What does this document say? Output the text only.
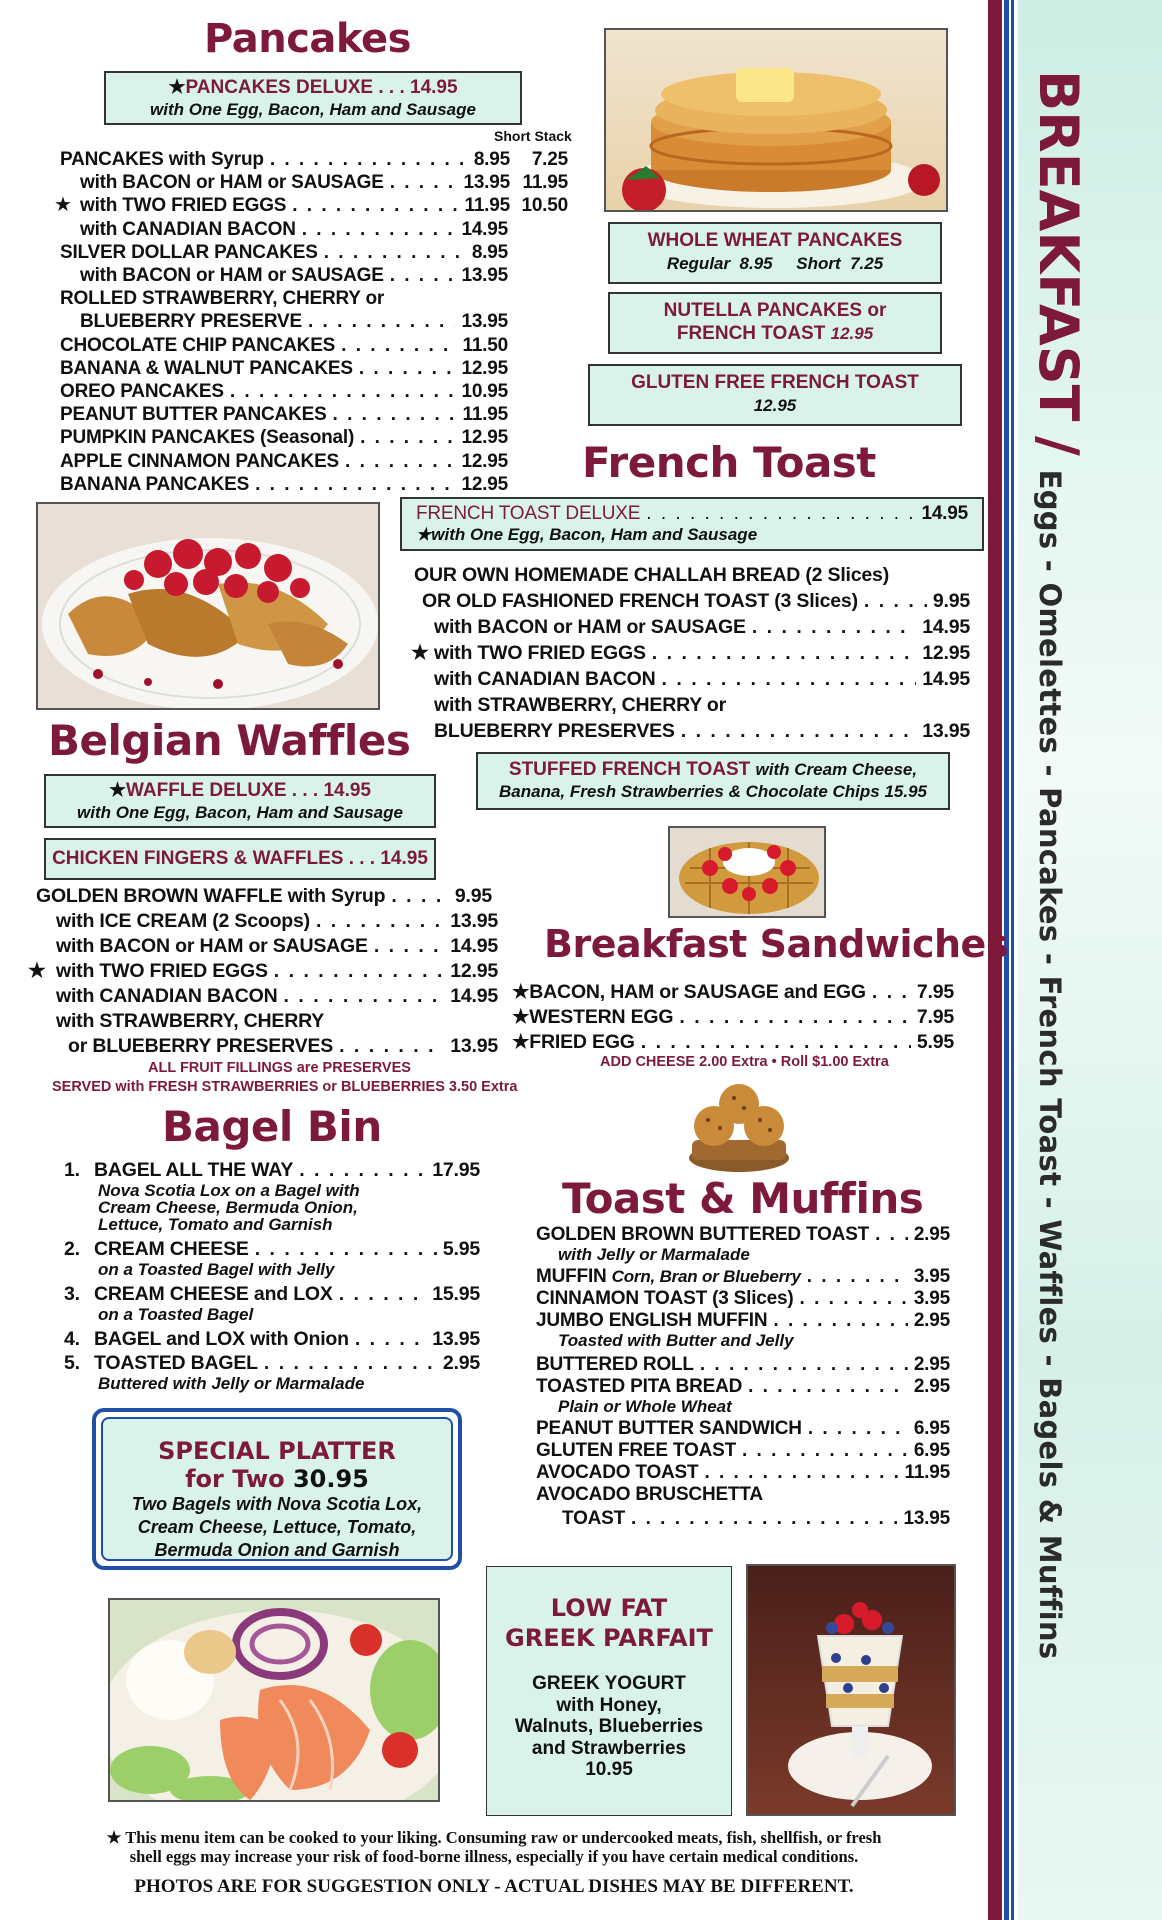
BREAKFAST / Eggs - Omelettes - Pancakes - French Toast - Waffles - Bagels & Muffins
Pancakes
★PANCAKES DELUXE . . . 14.95
with One Egg, Bacon, Ham and Sausage
Short Stack
★
PANCAKES with Syrup . . .	8.95	7.25
with BACON or HAM or SAUSAGE . . .	13.95 11.95
with TWO FRIED EGGS . . .	11.95 10.50
with CANADIAN BACON . . .	14.95
SILVER DOLLAR PANCAKES . . .	8.95
with BACON or HAM or SAUSAGE . . .	13.95
ROLLED STRAWBERRY, CHERRY or
BLUEBERRY PRESERVE . . .	13.95
CHOCOLATE CHIP PANCAKES . . .	11.50
BANANA & WALNUT PANCAKES . . .	12.95
OREO PANCAKES . . .	10.95
PEANUT BUTTER PANCAKES . . .	11.95
PUMPKIN PANCAKES (Seasonal) . . .	12.95
APPLE CINNAMON PANCAKES . . .	12.95
BANANA PANCAKES . . .	12.95
WHOLE WHEAT PANCAKES
Regular  8.95     Short  7.25
NUTELLA PANCAKES or
FRENCH TOAST 12.95
GLUTEN FREE FRENCH TOAST
12.95
French Toast
FRENCH TOAST DELUXE . . .	14.95
★with One Egg, Bacon, Ham and Sausage
OUR OWN HOMEMADE CHALLAH BREAD (2 Slices)
OR OLD FASHIONED FRENCH TOAST (3 Slices) . . .	9.95
with BACON or HAM or SAUSAGE . . .	14.95
★ with TWO FRIED EGGS . . .	12.95
with CANADIAN BACON . . .	14.95
with STRAWBERRY, CHERRY or
BLUEBERRY PRESERVES . . .	13.95
STUFFED FRENCH TOAST with Cream Cheese,
Banana, Fresh Strawberries & Chocolate Chips 15.95
Belgian Waffles
★WAFFLE DELUXE . . . 14.95
with One Egg, Bacon, Ham and Sausage
CHICKEN FINGERS & WAFFLES . . . 14.95
GOLDEN BROWN WAFFLE with Syrup . . .	9.95
with ICE CREAM (2 Scoops) . . .	13.95
with BACON or HAM or SAUSAGE . . .	14.95
★ with TWO FRIED EGGS . . .	12.95
with CANADIAN BACON . . .	14.95
with STRAWBERRY, CHERRY
or BLUEBERRY PRESERVES . . .	13.95
ALL FRUIT FILLINGS are PRESERVES
SERVED with FRESH STRAWBERRIES or BLUEBERRIES 3.50 Extra
Breakfast Sandwiches
★ BACON, HAM or SAUSAGE and EGG . . .	7.95
★ WESTERN EGG . . .	7.95
★ FRIED EGG . . .	5.95
ADD CHEESE 2.00 Extra • Roll $1.00 Extra
Bagel Bin
1. BAGEL ALL THE WAY . . .	17.95
Nova Scotia Lox on a Bagel with
Cream Cheese, Bermuda Onion,
Lettuce, Tomato and Garnish
2. CREAM CHEESE . . .	5.95
on a Toasted Bagel with Jelly
3. CREAM CHEESE and LOX . . .	15.95
on a Toasted Bagel
4. BAGEL and LOX with Onion . . .	13.95
5. TOASTED BAGEL . . .	2.95
Buttered with Jelly or Marmalade
SPECIAL PLATTER
for Two 30.95
Two Bagels with Nova Scotia Lox,
Cream Cheese, Lettuce, Tomato,
Bermuda Onion and Garnish
Toast & Muffins
GOLDEN BROWN BUTTERED TOAST . . . 2.95
with Jelly or Marmalade
MUFFIN
Corn, Bran or Blueberry . . .	3.95
CINNAMON TOAST (3 Slices) . . .	3.95
JUMBO ENGLISH MUFFIN . . .	2.95
Toasted with Butter and Jelly
BUTTERED ROLL . . .	2.95
TOASTED PITA BREAD . . .	2.95
Plain or Whole Wheat
PEANUT BUTTER SANDWICH . . .	6.95
GLUTEN FREE TOAST . . .	6.95
AVOCADO TOAST . . .	11.95
AVOCADO BRUSCHETTA
TOAST . . .	13.95
LOW FAT
GREEK PARFAIT
GREEK YOGURT
with Honey,
Walnuts, Blueberries
and Strawberries
10.95
★ This menu item can be cooked to your liking. Consuming raw or undercooked meats, fish, shellfish, or fresh
shell eggs may increase your risk of food-borne illness, especially if you have certain medical conditions.
PHOTOS ARE FOR SUGGESTION ONLY - ACTUAL DISHES MAY BE DIFFERENT.
